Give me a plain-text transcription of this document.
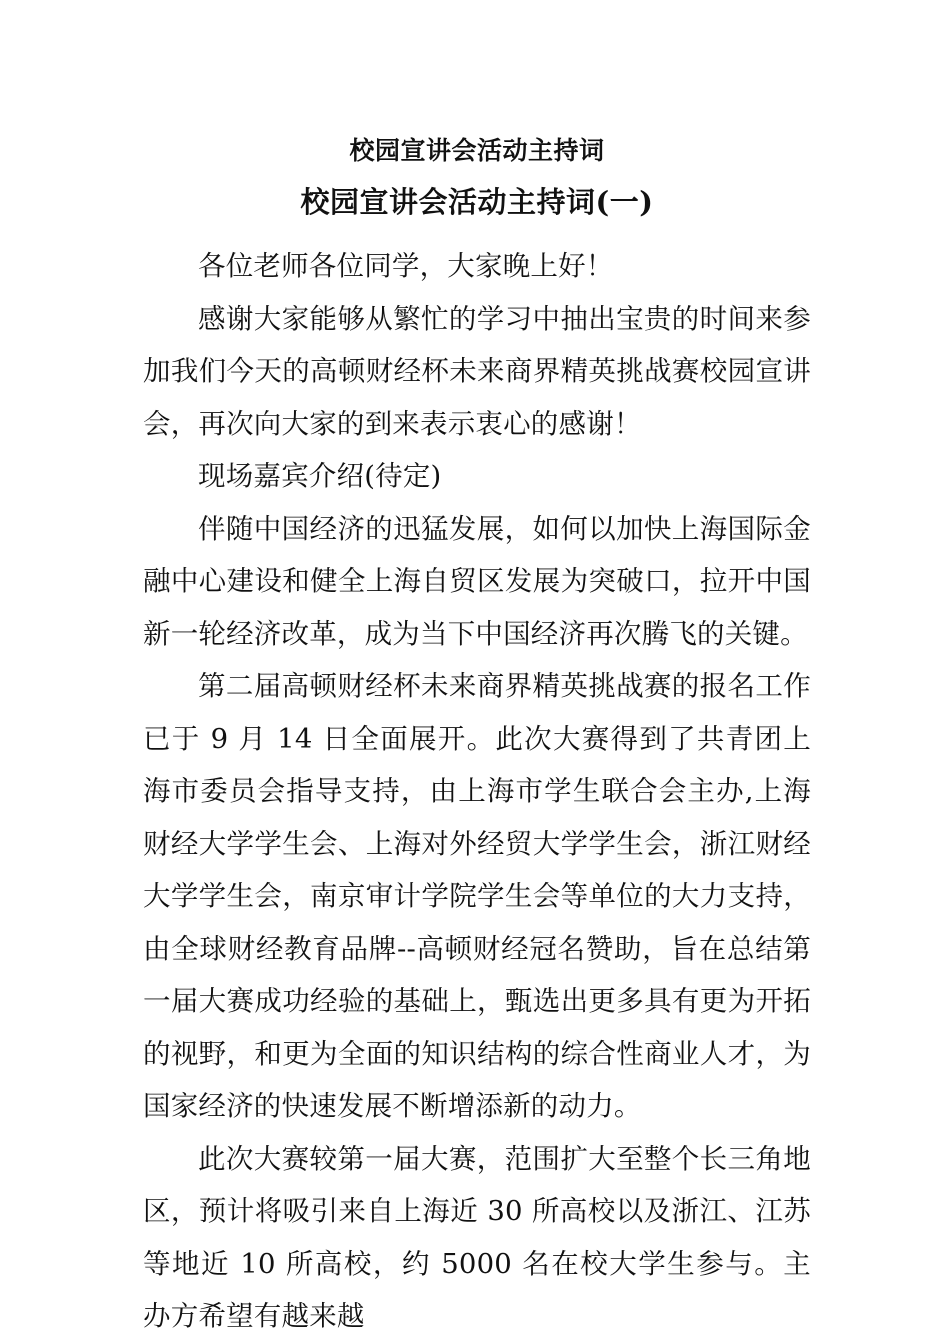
校园宣讲会活动主持词
校园宣讲会活动主持词(一)

各位老师各位同学，大家晚上好！

感谢大家能够从繁忙的学习中抽出宝贵的时间来参加我们今天的高顿财经杯未来商界精英挑战赛校园宣讲会，再次向大家的到来表示衷心的感谢！

现场嘉宾介绍(待定)

伴随中国经济的迅猛发展，如何以加快上海国际金融中心建设和健全上海自贸区发展为突破口，拉开中国新一轮经济改革，成为当下中国经济再次腾飞的关键。

第二届高顿财经杯未来商界精英挑战赛的报名工作已于 9 月 14 日全面展开。此次大赛得到了共青团上海市委员会指导支持，由上海市学生联合会主办,上海财经大学学生会、上海对外经贸大学学生会，浙江财经大学学生会，南京审计学院学生会等单位的大力支持，由全球财经教育品牌--高顿财经冠名赞助，旨在总结第一届大赛成功经验的基础上，甄选出更多具有更为开拓的视野，和更为全面的知识结构的综合性商业人才，为国家经济的快速发展不断增添新的动力。

此次大赛较第一届大赛，范围扩大至整个长三角地区，预计将吸引来自上海近 30 所高校以及浙江、江苏等地近 10 所高校，约 5000 名在校大学生参与。主办方希望有越来越
